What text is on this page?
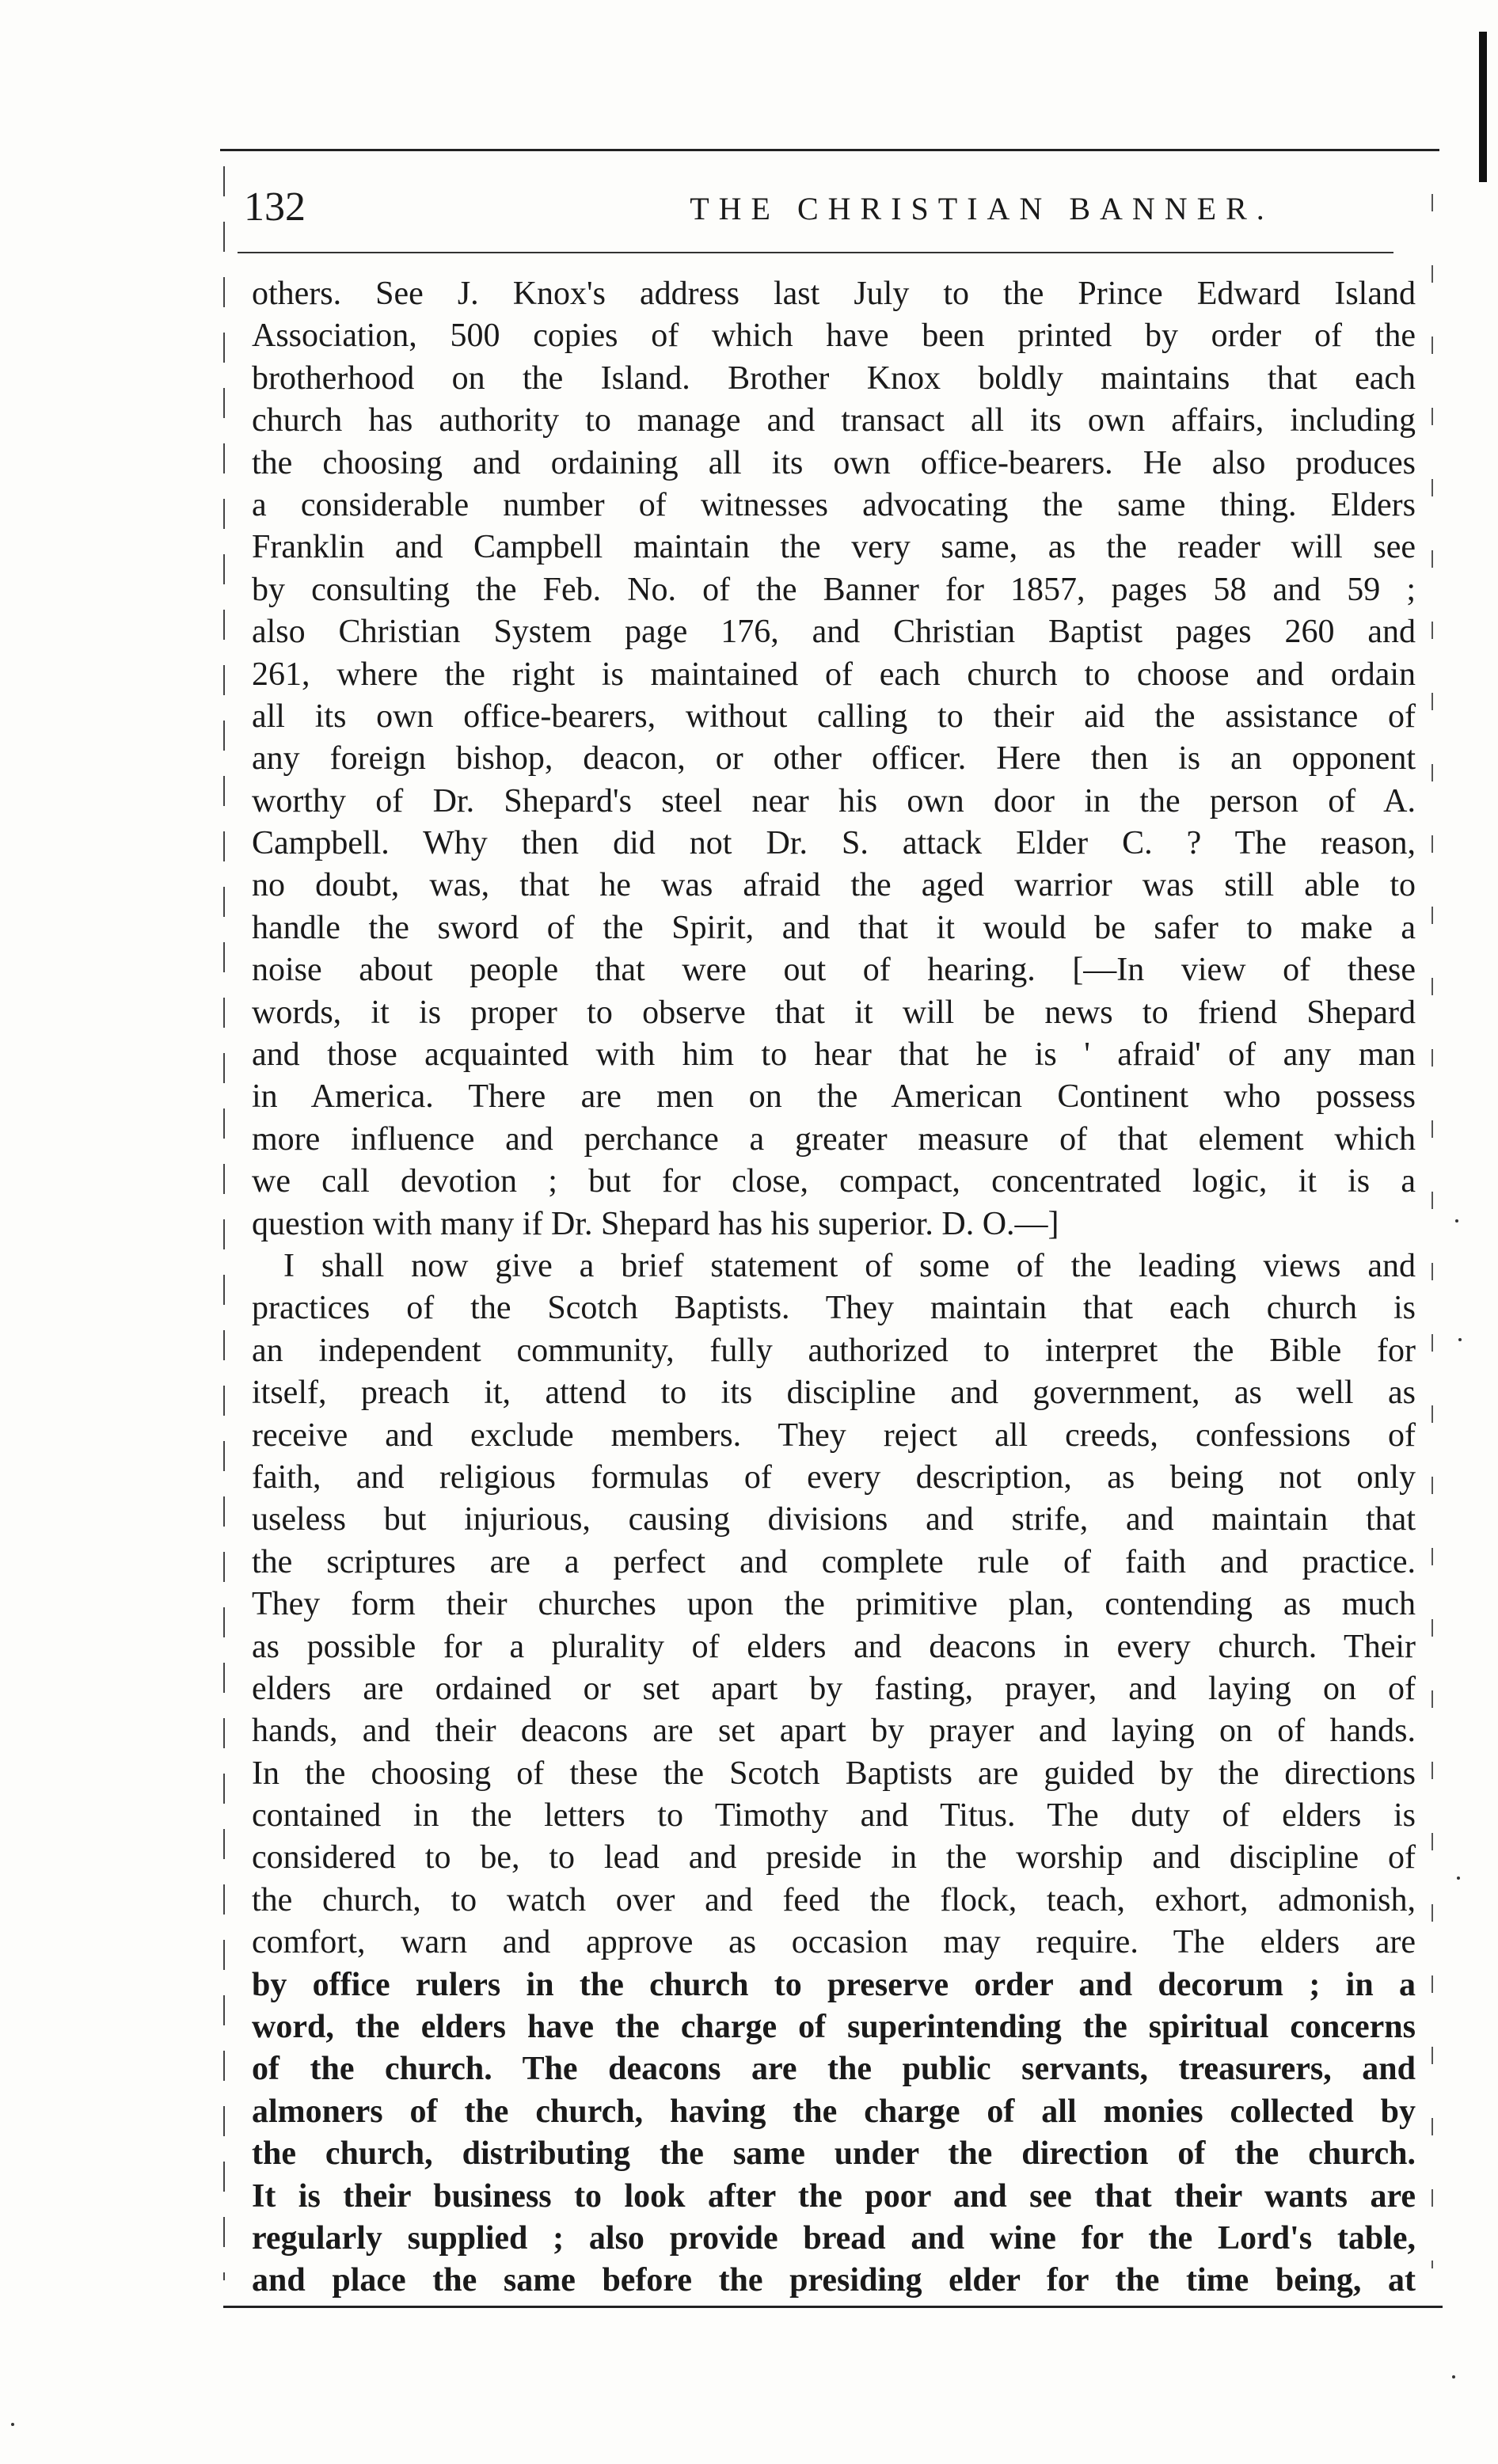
132	THE CHRISTIAN BANNER.
others. See J. Knox's address last July to the Prince Edward Island
Association, 500 copies of which have been printed by order of the
brotherhood on the Island. Brother Knox boldly maintains that each
church has authority to manage and transact all its own affairs, including
the choosing and ordaining all its own office-bearers. He also produces
a considerable number of witnesses advocating the same thing. Elders
Franklin and Campbell maintain the very same, as the reader will see
by consulting the Feb. No. of the Banner for 1857, pages 58 and 59 ;
also Christian System page 176, and Christian Baptist pages 260 and
261, where the right is maintained of each church to choose and ordain
all its own office-bearers, without calling to their aid the assistance of
any foreign bishop, deacon, or other officer. Here then is an opponent
worthy of Dr. Shepard's steel near his own door in the person of A.
Campbell. Why then did not Dr. S. attack Elder C. ? The reason,
no doubt, was, that he was afraid the aged warrior was still able to
handle the sword of the Spirit, and that it would be safer to make a
noise about people that were out of hearing. [—In view of these
words, it is proper to observe that it will be news to friend Shepard
and those acquainted with him to hear that he is ' afraid' of any man
in America. There are men on the American Continent who possess
more influence and perchance a greater measure of that element which
we call devotion ; but for close, compact, concentrated logic, it is a
question with many if Dr. Shepard has his superior. D. O.—]
I shall now give a brief statement of some of the leading views and
practices of the Scotch Baptists. They maintain that each church is
an independent community, fully authorized to interpret the Bible for
itself, preach it, attend to its discipline and government, as well as
receive and exclude members. They reject all creeds, confessions of
faith, and religious formulas of every description, as being not only
useless but injurious, causing divisions and strife, and maintain that
the scriptures are a perfect and complete rule of faith and practice.
They form their churches upon the primitive plan, contending as much
as possible for a plurality of elders and deacons in every church. Their
elders are ordained or set apart by fasting, prayer, and laying on of
hands, and their deacons are set apart by prayer and laying on of hands.
In the choosing of these the Scotch Baptists are guided by the directions
contained in the letters to Timothy and Titus. The duty of elders is
considered to be, to lead and preside in the worship and discipline of
the church, to watch over and feed the flock, teach, exhort, admonish,
comfort, warn and approve as occasion may require. The elders are
by office rulers in the church to preserve order and decorum ; in a
word, the elders have the charge of superintending the spiritual concerns
of the church. The deacons are the public servants, treasurers, and
almoners of the church, having the charge of all monies collected by
the church, distributing the same under the direction of the church.
It is their business to look after the poor and see that their wants are
regularly supplied ; also provide bread and wine for the Lord's table,
and place the same before the presiding elder for the time being, at
